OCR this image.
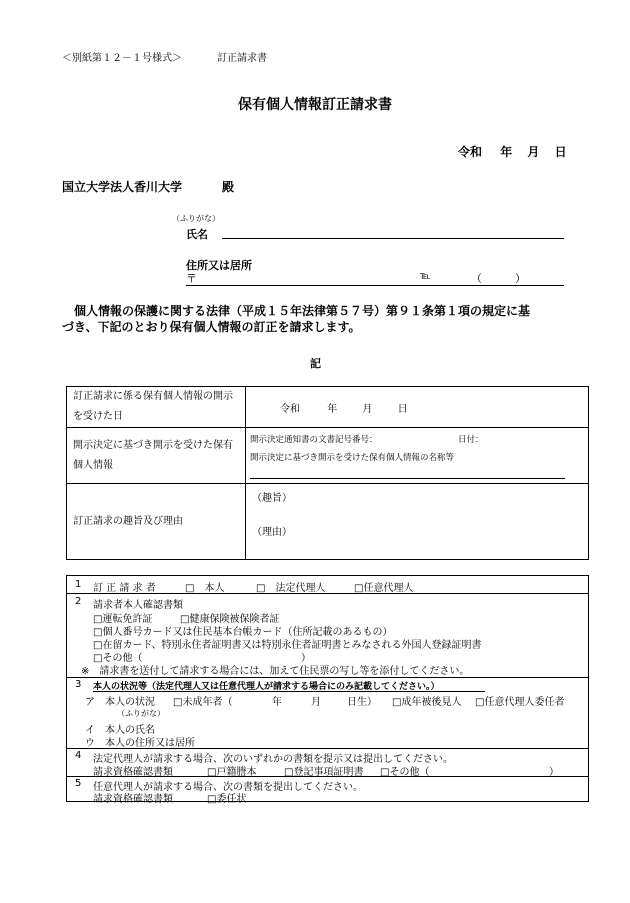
＜別紙第１２－１号様式＞	訂正請求書
保有個人情報訂正請求書
令和 年 月 日
国立大学法人香川大学	殿
（ふりがな）
氏名
住所又は居所
〒	℡	（	）
　個人情報の保護に関する法律（平成１５年法律第５７号）第９１条第１項の規定に基
づき、下記のとおり保有個人情報の訂正を請求します。
記
訂正請求に係る保有個人情報の開示を受けた日	令和 年 月 日
開示決定に基づき開示を受けた保有個人情報	開示決定通知書の文書記号番号： 日付：
開示決定に基づき開示を受けた保有個人情報の名称等

訂正請求の趣旨及び理由	（趣旨）
（理由）
1 訂 正 請 求 者	□　本人	□　法定代理人	□任意代理人
2 請求者本人確認書類
□運転免許証	□健康保険被保険者証
□個人番号カード又は住民基本台帳カード（住所記載のあるもの）
□在留カード、特別永住者証明書又は特別永住者証明書とみなされる外国人登録証明書
□その他（	）
※　請求書を送付して請求する場合には、加えて住民票の写し等を添付してください。
3 本人の状況等（法定代理人又は任意代理人が請求する場合にのみ記載してください。）
ア　本人の状況 □未成年者（	年	月	日生） □成年被後見人 □任意代理人委任者
（ふりがな）
イ　本人の氏名
ウ　本人の住所又は居所
4 法定代理人が請求する場合、次のいずれかの書類を提示又は提出してください。
請求資格確認書類	□戸籍謄本	□登記事項証明書 □その他（	）
5 任意代理人が請求する場合、次の書類を提出してください。
請求資格確認書類	□委任状
